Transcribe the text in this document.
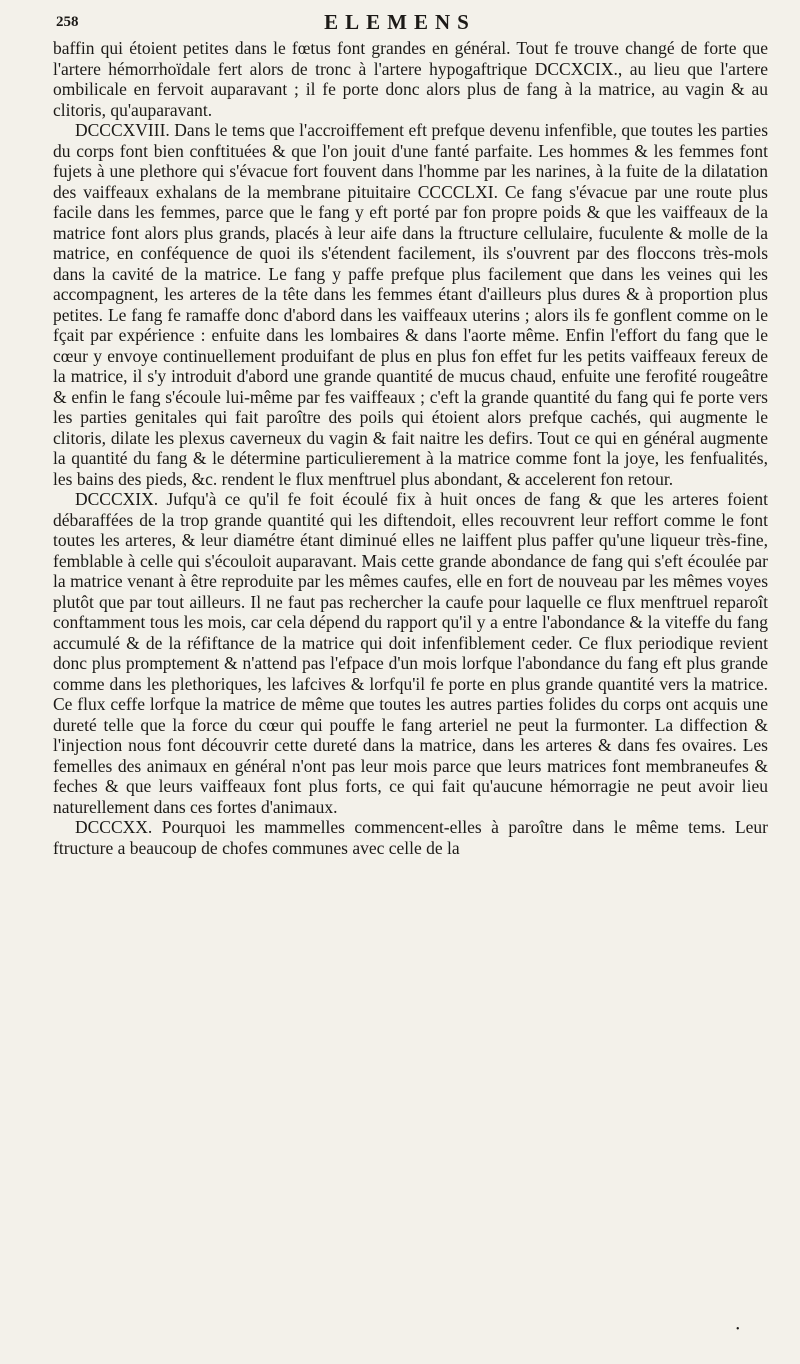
258	ELEMENS

baffin qui étoient petites dans le fœtus font grandes en général. Tout fe trouve changé de forte que l'artere hémorrhoïdale fert alors de tronc à l'artere hypogaftrique DCCXCIX., au lieu que l'artere ombilicale en fervoit auparavant ; il fe porte donc alors plus de fang à la matrice, au vagin & au clitoris, qu'auparavant.

DCCCXVIII. Dans le tems que l'accroiffement eft prefque devenu infenfible, que toutes les parties du corps font bien conftituées & que l'on jouit d'une fanté parfaite. Les hommes & les femmes font fujets à une plethore qui s'évacue fort fouvent dans l'homme par les narines, à la fuite de la dilatation des vaiffeaux exhalans de la membrane pituitaire CCCCLXI. Ce fang s'évacue par une route plus facile dans les femmes, parce que le fang y eft porté par fon propre poids & que les vaiffeaux de la matrice font alors plus grands, placés à leur aife dans la ftructure cellulaire, fuculente & molle de la matrice, en conféquence de quoi ils s'étendent facilement, ils s'ouvrent par des floccons très-mols dans la cavité de la matrice. Le fang y paffe prefque plus facilement que dans les veines qui les accompagnent, les arteres de la tête dans les femmes étant d'ailleurs plus dures & à proportion plus petites. Le fang fe ramaffe donc d'abord dans les vaiffeaux uterins ; alors ils fe gonflent comme on le fçait par expérience : enfuite dans les lombaires & dans l'aorte même. Enfin l'effort du fang que le cœur y envoye continuellement produifant de plus en plus fon effet fur les petits vaiffeaux fereux de la matrice, il s'y introduit d'abord une grande quantité de mucus chaud, enfuite une ferofité rougeâtre & enfin le fang s'écoule lui-même par fes vaiffeaux ; c'eft la grande quantité du fang qui fe porte vers les parties genitales qui fait paroître des poils qui étoient alors prefque cachés, qui augmente le clitoris, dilate les plexus caverneux du vagin & fait naitre les defirs. Tout ce qui en général augmente la quantité du fang & le détermine particulierement à la matrice comme font la joye, les fenfualités, les bains des pieds, &c. rendent le flux menftruel plus abondant, & accelerent fon retour.

DCCCXIX. Jufqu'à ce qu'il fe foit écoulé fix à huit onces de fang & que les arteres foient débaraffées de la trop grande quantité qui les diftendoit, elles recouvrent leur reffort comme le font toutes les arteres, & leur diamétre étant diminué elles ne laiffent plus paffer qu'une liqueur très-fine, femblable à celle qui s'écouloit auparavant. Mais cette grande abondance de fang qui s'eft écoulée par la matrice venant à être reproduite par les mêmes caufes, elle en fort de nouveau par les mêmes voyes plutôt que par tout ailleurs. Il ne faut pas rechercher la caufe pour laquelle ce flux menftruel reparoît conftamment tous les mois, car cela dépend du rapport qu'il y a entre l'abondance & la viteffe du fang accumulé & de la réfiftance de la matrice qui doit infenfiblement ceder. Ce flux periodique revient donc plus promptement & n'attend pas l'efpace d'un mois lorfque l'abondance du fang eft plus grande comme dans les plethoriques, les lafcives & lorfqu'il fe porte en plus grande quantité vers la matrice. Ce flux ceffe lorfque la matrice de même que toutes les autres parties folides du corps ont acquis une dureté telle que la force du cœur qui pouffe le fang arteriel ne peut la furmonter. La diffection & l'injection nous font découvrir cette dureté dans la matrice, dans les arteres & dans fes ovaires. Les femelles des animaux en général n'ont pas leur mois parce que leurs matrices font membraneufes & feches & que leurs vaiffeaux font plus forts, ce qui fait qu'aucune hémorragie ne peut avoir lieu naturellement dans ces fortes d'animaux.

DCCCXX. Pourquoi les mammelles commencent-elles à paroître dans le même tems. Leur ftructure a beaucoup de chofes communes avec celle de la

•
